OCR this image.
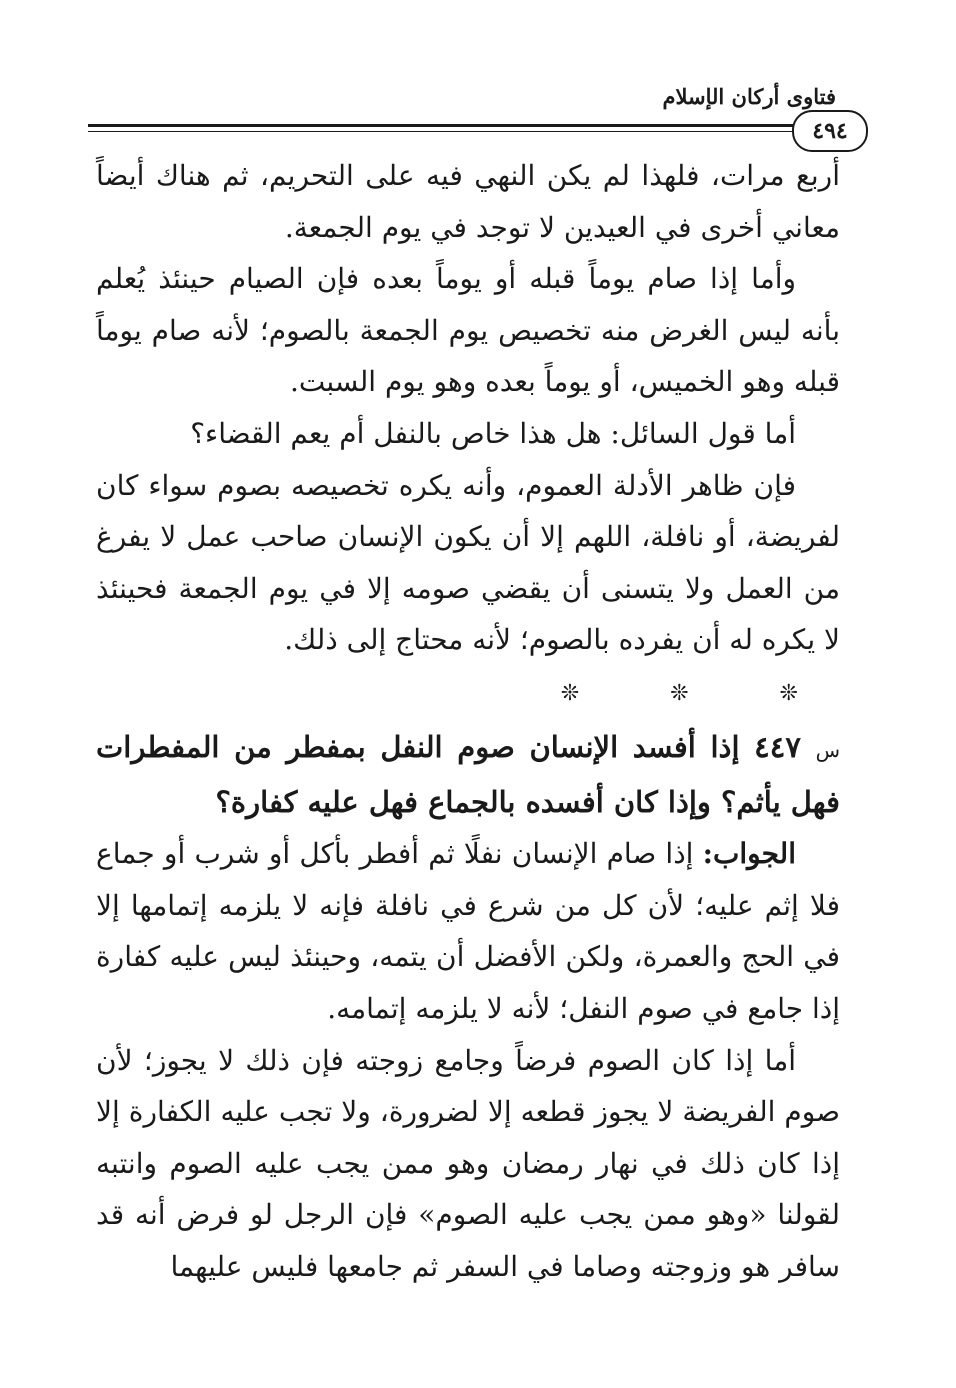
فتاوى أركان الإسلام
٤٩٤

أربع مرات، فلهذا لم يكن النهي فيه على التحريم، ثم هناك أيضاً معاني أخرى في العيدين لا توجد في يوم الجمعة.

وأما إذا صام يوماً قبله أو يوماً بعده فإن الصيام حينئذ يُعلم بأنه ليس الغرض منه تخصيص يوم الجمعة بالصوم؛ لأنه صام يوماً قبله وهو الخميس، أو يوماً بعده وهو يوم السبت.

أما قول السائل: هل هذا خاص بالنفل أم يعم القضاء؟

فإن ظاهر الأدلة العموم، وأنه يكره تخصيصه بصوم سواء كان لفريضة، أو نافلة، اللهم إلا أن يكون الإنسان صاحب عمل لا يفرغ من العمل ولا يتسنى أن يقضي صومه إلا في يوم الجمعة فحينئذ لا يكره له أن يفرده بالصوم؛ لأنه محتاج إلى ذلك.

❊ ❊ ❊

س ٤٤٧ إذا أفسد الإنسان صوم النفل بمفطر من المفطرات فهل يأثم؟ وإذا كان أفسده بالجماع فهل عليه كفارة؟

الجواب: إذا صام الإنسان نفلًا ثم أفطر بأكل أو شرب أو جماع فلا إثم عليه؛ لأن كل من شرع في نافلة فإنه لا يلزمه إتمامها إلا في الحج والعمرة، ولكن الأفضل أن يتمه، وحينئذ ليس عليه كفارة إذا جامع في صوم النفل؛ لأنه لا يلزمه إتمامه.

أما إذا كان الصوم فرضاً وجامع زوجته فإن ذلك لا يجوز؛ لأن صوم الفريضة لا يجوز قطعه إلا لضرورة، ولا تجب عليه الكفارة إلا إذا كان ذلك في نهار رمضان وهو ممن يجب عليه الصوم وانتبه لقولنا «وهو ممن يجب عليه الصوم» فإن الرجل لو فرض أنه قد سافر هو وزوجته وصاما في السفر ثم جامعها فليس عليهما
